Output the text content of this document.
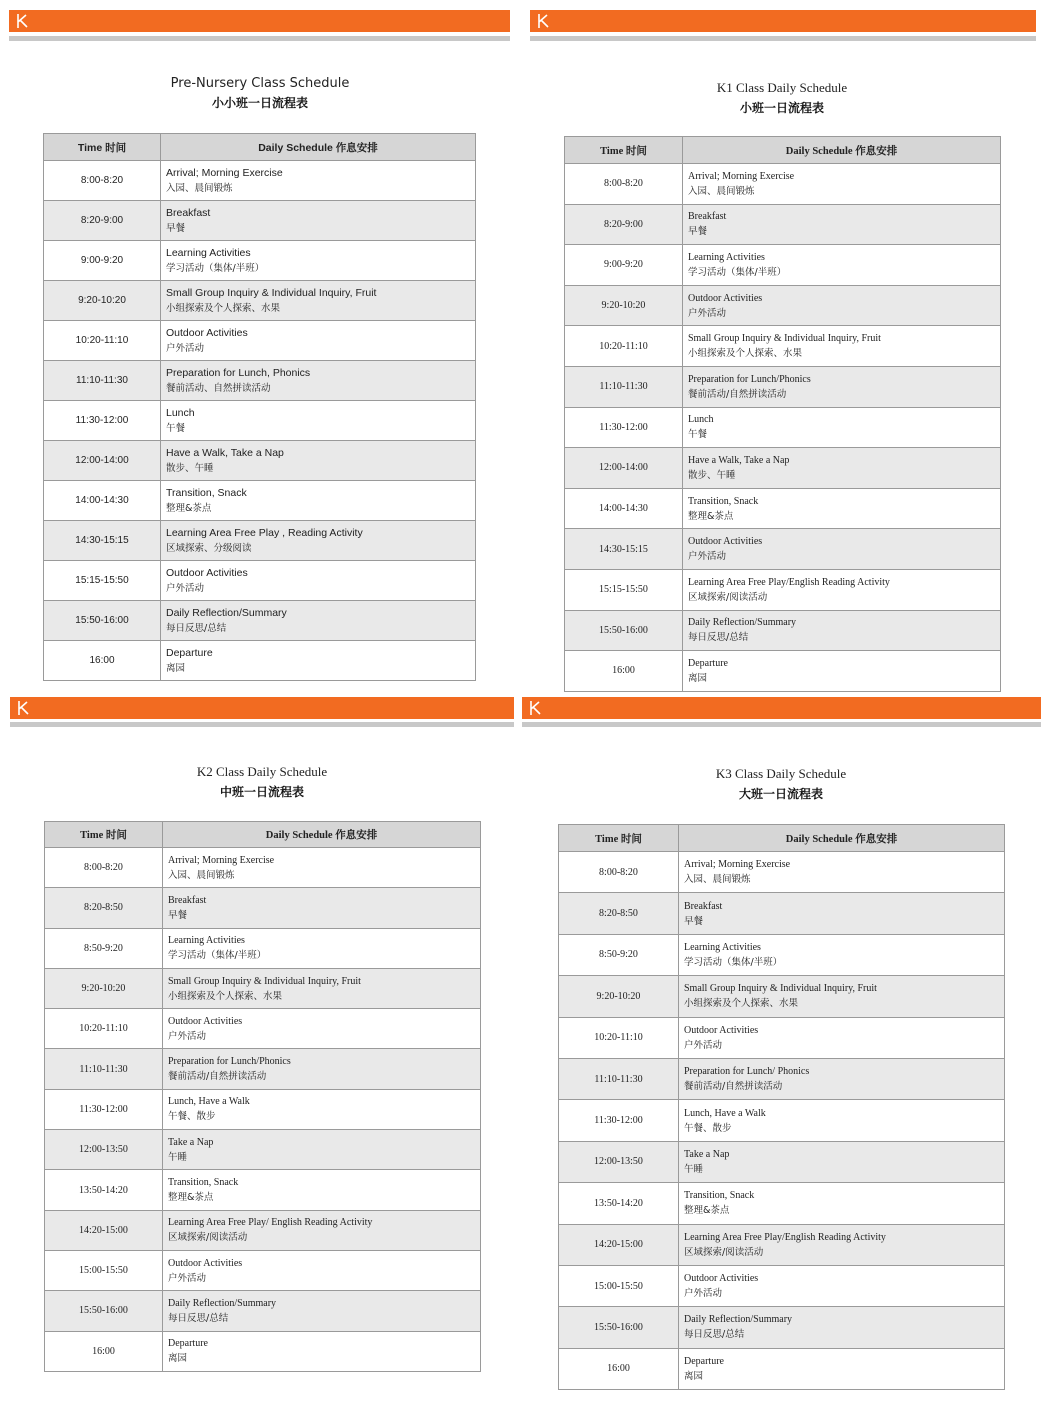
Pre-Nursery Class Schedule
小小班一日流程表
Time 时间	Daily Schedule 作息安排
8:00-8:20	Arrival; Morning Exercise
入园、晨间锻炼

8:20-9:00	Breakfast
早餐

9:00-9:20	Learning Activities
学习活动（集体/半班）

9:20-10:20	Small Group Inquiry & Individual Inquiry, Fruit
小组探索及个人探索、水果

10:20-11:10	Outdoor Activities
户外活动

11:10-11:30	Preparation for Lunch, Phonics
餐前活动、自然拼读活动

11:30-12:00	Lunch
午餐

12:00-14:00	Have a Walk, Take a Nap
散步、午睡

14:00-14:30	Transition, Snack
整理&茶点

14:30-15:15	Learning Area Free Play , Reading Activity
区域探索、分级阅读

15:15-15:50	Outdoor Activities
户外活动

15:50-16:00	Daily Reflection/Summary
每日反思/总结

16:00	Departure
离园
K1 Class Daily Schedule
小班一日流程表
Time 时间	Daily Schedule 作息安排
8:00-8:20	Arrival; Morning Exercise
入园、晨间锻炼

8:20-9:00	Breakfast
早餐

9:00-9:20	Learning Activities
学习活动（集体/半班）

9:20-10:20	Outdoor Activities
户外活动

10:20-11:10	Small Group Inquiry & Individual Inquiry, Fruit
小组探索及个人探索、水果

11:10-11:30	Preparation for Lunch/Phonics
餐前活动/自然拼读活动

11:30-12:00	Lunch
午餐

12:00-14:00	Have a Walk, Take a Nap
散步、午睡

14:00-14:30	Transition, Snack
整理&茶点

14:30-15:15	Outdoor Activities
户外活动

15:15-15:50	Learning Area Free Play/English Reading Activity
区域探索/阅读活动

15:50-16:00	Daily Reflection/Summary
每日反思/总结

16:00	Departure
离园
K2 Class Daily Schedule
中班一日流程表
Time 时间	Daily Schedule 作息安排
8:00-8:20	Arrival; Morning Exercise
入园、晨间锻炼

8:20-8:50	Breakfast
早餐

8:50-9:20	Learning Activities
学习活动（集体/半班）

9:20-10:20	Small Group Inquiry & Individual Inquiry, Fruit
小组探索及个人探索、水果

10:20-11:10	Outdoor Activities
户外活动

11:10-11:30	Preparation for Lunch/Phonics
餐前活动/自然拼读活动

11:30-12:00	Lunch, Have a Walk
午餐、散步

12:00-13:50	Take a Nap
午睡

13:50-14:20	Transition, Snack
整理&茶点

14:20-15:00	Learning Area Free Play/ English Reading Activity
区域探索/阅读活动

15:00-15:50	Outdoor Activities
户外活动

15:50-16:00	Daily Reflection/Summary
每日反思/总结

16:00	Departure
离园
K3 Class Daily Schedule
大班一日流程表
Time 时间	Daily Schedule 作息安排
8:00-8:20	Arrival; Morning Exercise
入园、晨间锻炼

8:20-8:50	Breakfast
早餐

8:50-9:20	Learning Activities
学习活动（集体/半班）

9:20-10:20	Small Group Inquiry & Individual Inquiry, Fruit
小组探索及个人探索、水果

10:20-11:10	Outdoor Activities
户外活动

11:10-11:30	Preparation for Lunch/ Phonics
餐前活动/自然拼读活动

11:30-12:00	Lunch, Have a Walk
午餐、散步

12:00-13:50	Take a Nap
午睡

13:50-14:20	Transition, Snack
整理&茶点

14:20-15:00	Learning Area Free Play/English Reading Activity
区域探索/阅读活动

15:00-15:50	Outdoor Activities
户外活动

15:50-16:00	Daily Reflection/Summary
每日反思/总结

16:00	Departure
离园
